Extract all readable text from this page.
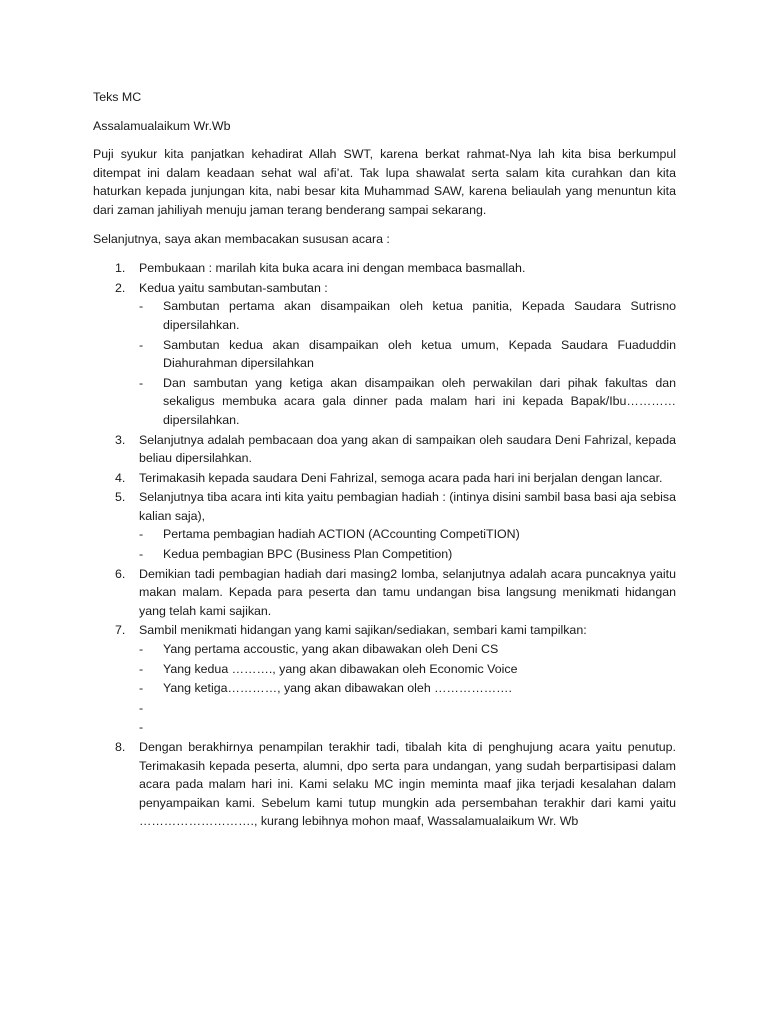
Teks MC

Assalamualaikum Wr.Wb

Puji syukur kita panjatkan kehadirat Allah SWT, karena berkat rahmat-Nya lah kita bisa berkumpul ditempat ini dalam keadaan sehat wal afi’at. Tak lupa shawalat serta salam kita curahkan dan kita haturkan kepada junjungan kita, nabi besar kita Muhammad SAW, karena beliaulah yang menuntun kita dari zaman jahiliyah menuju jaman terang benderang sampai sekarang.

Selanjutnya, saya akan membacakan sususan acara :

1. Pembukaan : marilah kita buka acara ini dengan membaca basmallah.
2. Kedua yaitu sambutan-sambutan :
- Sambutan pertama akan disampaikan oleh ketua panitia, Kepada Saudara Sutrisno dipersilahkan.
- Sambutan kedua akan disampaikan oleh ketua umum, Kepada Saudara Fuaduddin Diahurahman dipersilahkan
- Dan sambutan yang ketiga akan disampaikan oleh perwakilan dari pihak fakultas dan sekaligus membuka acara gala dinner pada malam hari ini kepada Bapak/Ibu………… dipersilahkan.
3. Selanjutnya adalah pembacaan doa yang akan di sampaikan oleh saudara Deni Fahrizal, kepada beliau dipersilahkan.
4. Terimakasih kepada saudara Deni Fahrizal, semoga acara pada hari ini berjalan dengan lancar.
5. Selanjutnya tiba acara inti kita yaitu pembagian hadiah : (intinya disini sambil basa basi aja sebisa kalian saja),
- Pertama pembagian hadiah ACTION (ACcounting CompetiTION)
- Kedua pembagian BPC (Business Plan Competition)
6. Demikian tadi pembagian hadiah dari masing2 lomba, selanjutnya adalah acara puncaknya yaitu makan malam. Kepada para peserta dan tamu undangan bisa langsung menikmati hidangan yang telah kami sajikan.
7. Sambil menikmati hidangan yang kami sajikan/sediakan, sembari kami tampilkan:
- Yang pertama accoustic, yang akan dibawakan oleh Deni CS
- Yang kedua ………., yang akan dibawakan oleh Economic Voice
- Yang ketiga…………, yang akan dibawakan oleh ……………….
-
-
8. Dengan berakhirnya penampilan terakhir tadi, tibalah kita di penghujung acara yaitu penutup. Terimakasih kepada peserta, alumni, dpo serta para undangan, yang sudah berpartisipasi dalam acara pada malam hari ini. Kami selaku MC ingin meminta maaf jika terjadi kesalahan dalam penyampaikan kami. Sebelum kami tutup mungkin ada persembahan terakhir dari kami yaitu ………………………., kurang lebihnya mohon maaf, Wassalamualaikum Wr. Wb
